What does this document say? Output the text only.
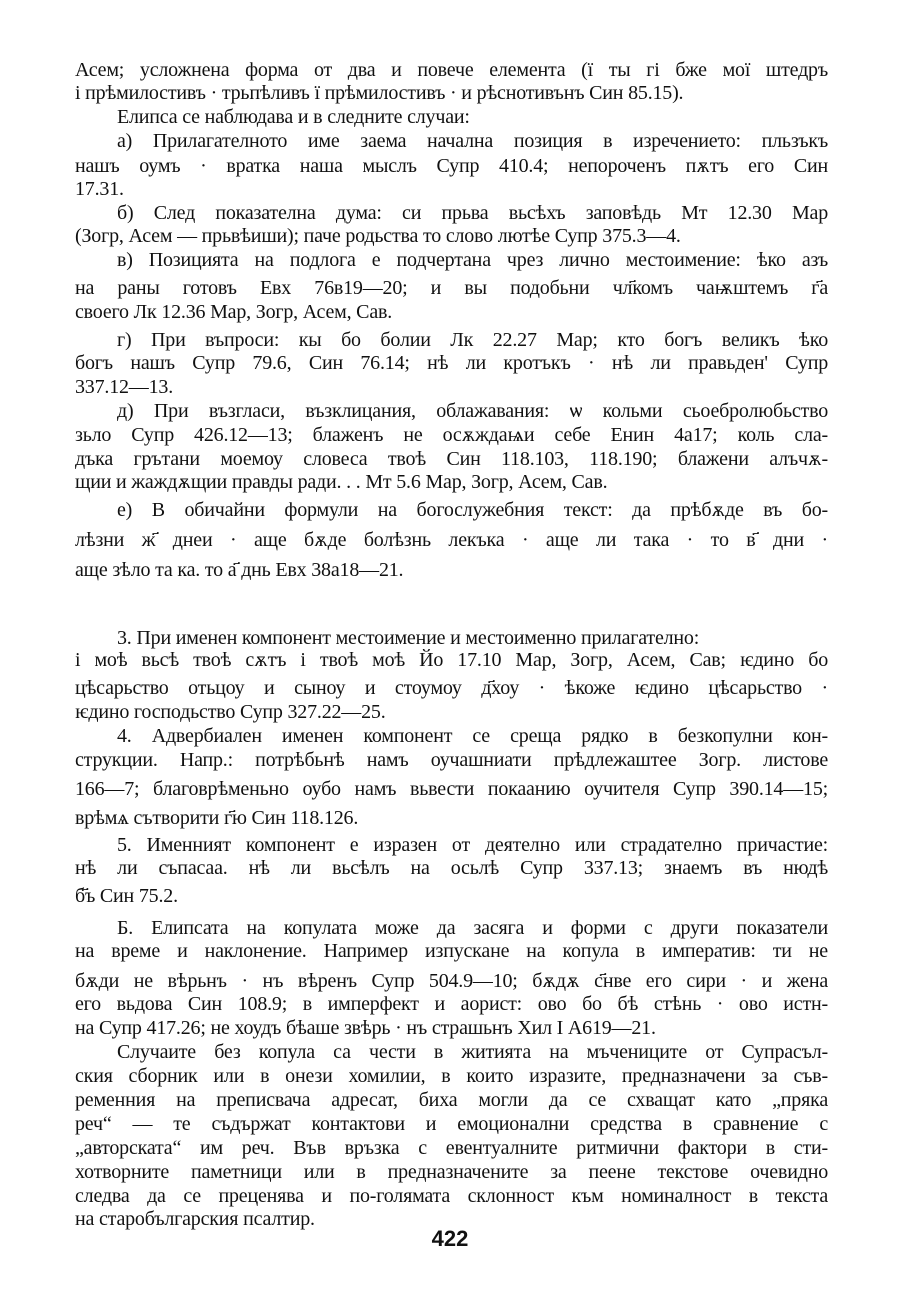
422
Асем; усложнена форма от два и повече елемента (ї ты гі бже мої штедръ
і прѣмилостивъ · трьпѣливъ ї прѣмилостивъ · и рѣснотивънъ Син 85.15).
Елипса се наблюдава и в следните случаи:
а) Прилагателното име заема начална позиция в изречението: пльзъкъ
нашъ оумъ · вратка наша мыслъ Супр 410.4; непороченъ пѫтъ его Син
17.31.
б) След показателна дума: си прьва вьсѣхъ заповѣдь Мт 12.30 Мар
(Зогр, Асем — прьвѣиши); паче родьства то слово лютѣе Супр 375.3—4.
в) Позицията на подлога е подчертана чрез лично местоимение: ѣко азъ
на раны готовъ Евх 76в19—20; и вы подобьни чл҃комъ чаѭштемъ г҃а
своего Лк 12.36 Мар, Зогр, Асем, Сав.
г) При въпроси: кы бо болии Лк 22.27 Мар; кто богъ великъ ѣко
богъ нашъ Супр 79.6, Син 76.14; нѣ ли кротъкъ · нѣ ли правьден' Супр
337.12—13.
д) При възгласи, възклицания, облажавания: ѡ кольми сьоебролюбьство
зьло Супр 426.12—13; блаженъ не осѫждаѩи себе Енин 4а17; коль сла-
дъка грътани моемоу словеса твоѣ Син 118.103, 118.190; блажени алъчѫ-
щии и жаждѫщии правды ради. . . Мт 5.6 Мар, Зогр, Асем, Сав.
е) В обичайни формули на богослужебния текст: да прѣбѫде въ бо-
лѣзни ж҃ днеи · аще бѫде болѣзнь лекъка · аще ли така · то в҃ дни ·
аще зѣло та ка. то а҃ днь Евх 38а18—21.
3. При именен компонент местоимение и местоименно прилагателно:
і моѣ вьсѣ твоѣ сѫтъ і твоѣ моѣ Йо 17.10 Мар, Зогр, Асем, Сав; ѥдино бо
цѣсарьство отьцоу и сыноу и стоумоу д҃хоу · ѣкоже ѥдино цѣсарьство ·
ѥдино господьство Супр 327.22—25.
4. Адвербиален именен компонент се среща рядко в безкопулни кон-
струкции. Напр.: потрѣбьнѣ намъ оучашниати прѣдлежаштее Зогр. листове
166—7; благоврѣменьно оубо намъ вьвести покаанию оучителя Супр 390.14—15;
врѣмѧ сътворити г҃ю Син 118.126.
5. Именният компонент е изразен от деятелно или страдателно причастие:
нѣ ли съпасаа. нѣ ли вьсѣлъ на осьлѣ Супр 337.13; знаемъ въ нюдѣ
б҃ъ Син 75.2.
Б. Елипсата на копулата може да засяга и форми с други показатели
на време и наклонение. Например изпускане на копула в императив: ти не
бѫди не вѣрьнъ · нъ вѣренъ Супр 504.9—10; бѫдѫ с҃нве его сири · и жена
его вьдова Син 108.9; в имперфект и аорист: ово бо бѣ стѣнь · ово истн-
на Супр 417.26; не хоудъ бѣаше звѣрь · нъ страшьнъ Хил I А619—21.
Случаите без копула са чести в житията на мъчениците от Супрасъл-
ския сборник или в онези хомилии, в които изразите, предназначени за съв-
ременния на преписвача адресат, биха могли да се схващат като „пряка
реч“ — те съдържат контактови и емоционални средства в сравнение с
„авторската“ им реч. Във връзка с евентуалните ритмични фактори в сти-
хотворните паметници или в предназначените за пеене текстове очевидно
следва да се преценява и по-голямата склонност към номиналност в текста
на старобългарския псалтир.
